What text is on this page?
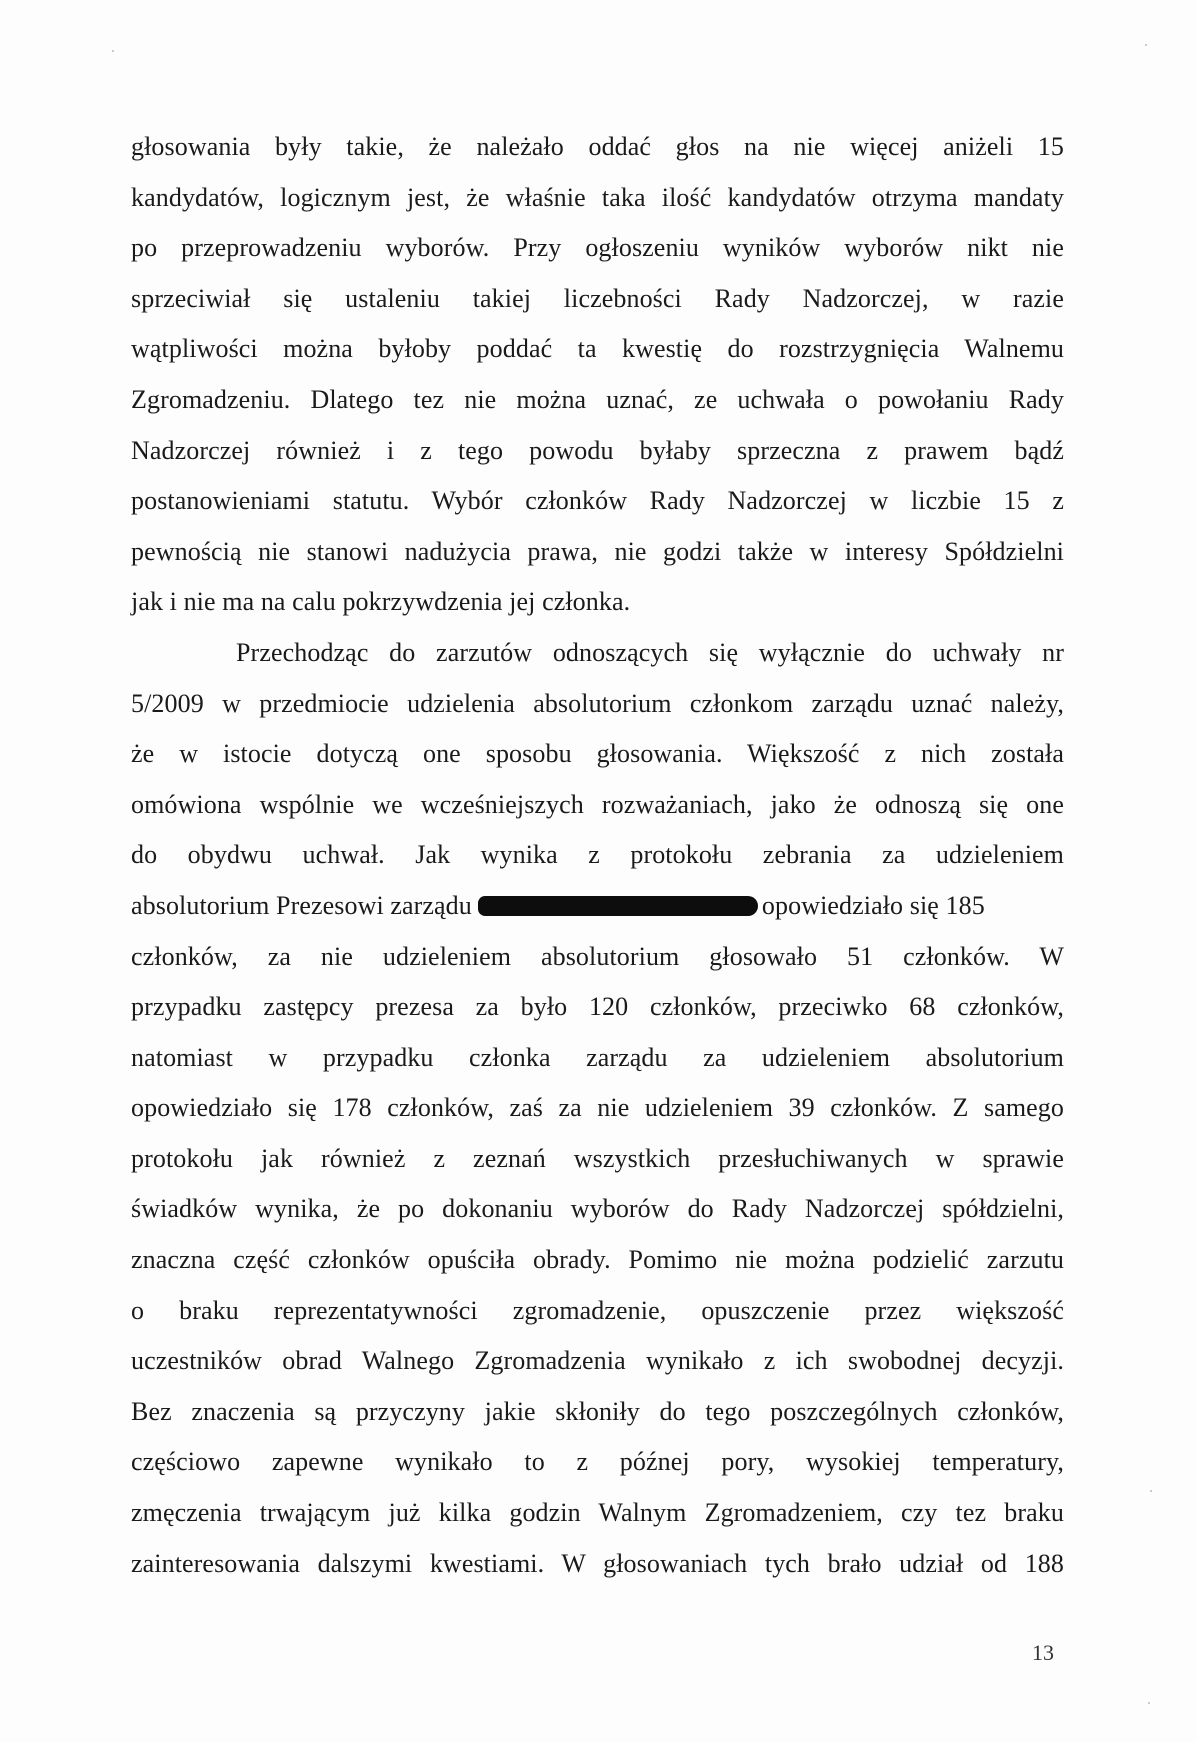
głosowania były takie, że należało oddać głos na nie więcej aniżeli 15
kandydatów, logicznym jest, że właśnie taka ilość kandydatów otrzyma mandaty
po przeprowadzeniu wyborów. Przy ogłoszeniu wyników wyborów nikt nie
sprzeciwiał się ustaleniu takiej liczebności Rady Nadzorczej, w razie
wątpliwości można byłoby poddać ta kwestię do rozstrzygnięcia Walnemu
Zgromadzeniu. Dlatego tez nie można uznać, ze uchwała o powołaniu Rady
Nadzorczej również i z tego powodu byłaby sprzeczna z prawem bądź
postanowieniami statutu. Wybór członków Rady Nadzorczej w liczbie 15 z
pewnością nie stanowi nadużycia prawa, nie godzi także w interesy Spółdzielni
jak i nie ma na calu pokrzywdzenia jej członka.
Przechodząc do zarzutów odnoszących się wyłącznie do uchwały nr
5/2009 w przedmiocie udzielenia absolutorium członkom zarządu uznać należy,
że w istocie dotyczą one sposobu głosowania. Większość z nich została
omówiona wspólnie we wcześniejszych rozważaniach, jako że odnoszą się one
do obydwu uchwał. Jak wynika z protokołu zebrania za udzieleniem
absolutorium Prezesowi zarządu	opowiedziało się 185
członków, za nie udzieleniem absolutorium głosowało 51 członków. W
przypadku zastępcy prezesa za było 120 członków, przeciwko 68 członków,
natomiast w przypadku członka zarządu za udzieleniem absolutorium
opowiedziało się 178 członków, zaś za nie udzieleniem 39 członków. Z samego
protokołu jak również z zeznań wszystkich przesłuchiwanych w sprawie
świadków wynika, że po dokonaniu wyborów do Rady Nadzorczej spółdzielni,
znaczna część członków opuściła obrady. Pomimo nie można podzielić zarzutu
o braku reprezentatywności zgromadzenie, opuszczenie przez większość
uczestników obrad Walnego Zgromadzenia wynikało z ich swobodnej decyzji.
Bez znaczenia są przyczyny jakie skłoniły do tego poszczególnych członków,
częściowo zapewne wynikało to z późnej pory, wysokiej temperatury,
zmęczenia trwającym już kilka godzin Walnym Zgromadzeniem, czy tez braku
zainteresowania dalszymi kwestiami. W głosowaniach tych brało udział od 188
13
